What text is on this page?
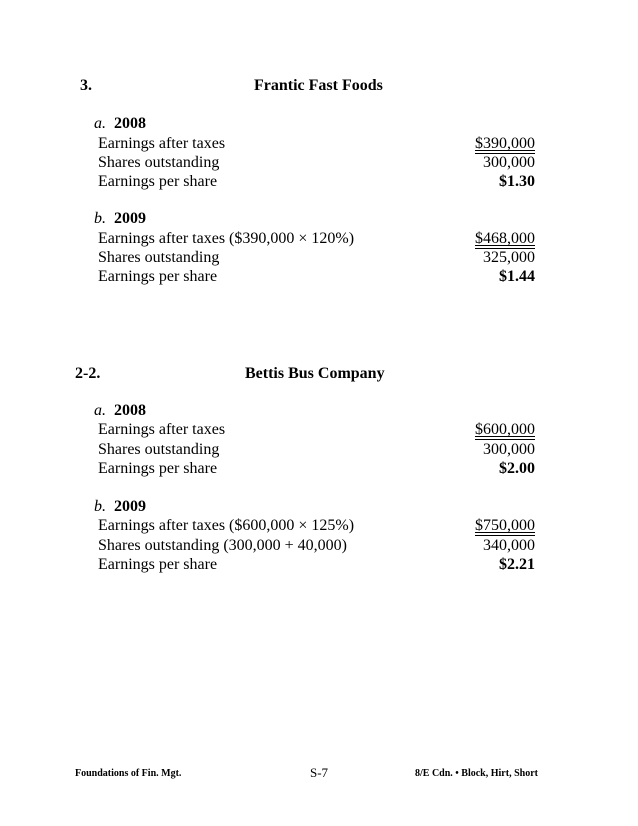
3.	Frantic Fast Foods
a. 2008
Earnings after taxes	$390,000
Shares outstanding	300,000
Earnings per share	$1.30
b. 2009
Earnings after taxes ($390,000 × 120%)	$468,000
Shares outstanding	325,000
Earnings per share	$1.44
2-2.	Bettis Bus Company
a. 2008
Earnings after taxes	$600,000
Shares outstanding	300,000
Earnings per share	$2.00
b. 2009
Earnings after taxes ($600,000 × 125%)	$750,000
Shares outstanding (300,000 + 40,000)	340,000
Earnings per share	$2.21
Foundations of Fin. Mgt.	S-7	8/E Cdn. • Block, Hirt, Short
